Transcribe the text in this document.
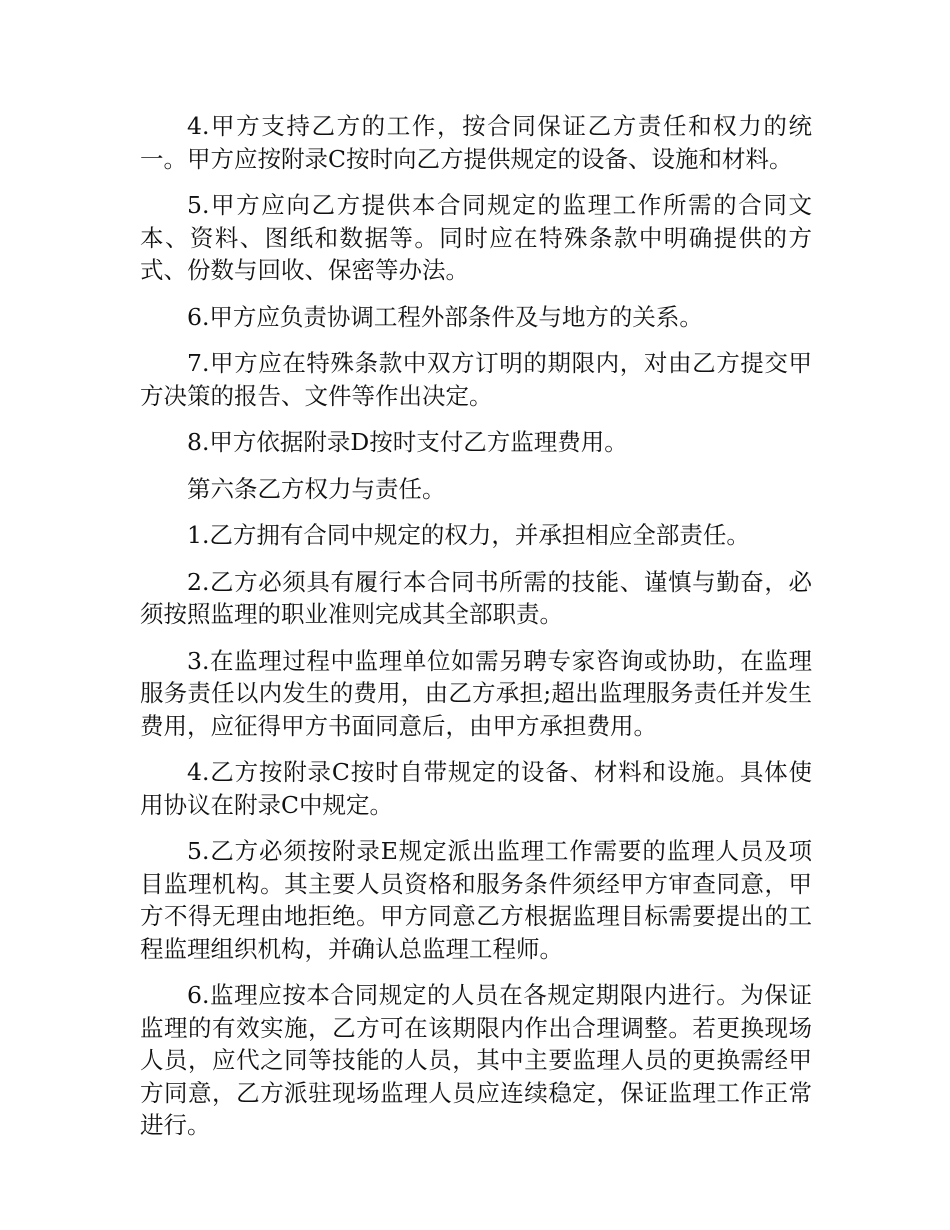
4.甲方支持乙方的工作，按合同保证乙方责任和权力的统一。甲方应按附录C按时向乙方提供规定的设备、设施和材料。

5.甲方应向乙方提供本合同规定的监理工作所需的合同文本、资料、图纸和数据等。同时应在特殊条款中明确提供的方式、份数与回收、保密等办法。

6.甲方应负责协调工程外部条件及与地方的关系。

7.甲方应在特殊条款中双方订明的期限内，对由乙方提交甲方决策的报告、文件等作出决定。

8.甲方依据附录D按时支付乙方监理费用。

第六条乙方权力与责任。

1.乙方拥有合同中规定的权力，并承担相应全部责任。

2.乙方必须具有履行本合同书所需的技能、谨慎与勤奋，必须按照监理的职业准则完成其全部职责。

3.在监理过程中监理单位如需另聘专家咨询或协助，在监理服务责任以内发生的费用，由乙方承担;超出监理服务责任并发生费用，应征得甲方书面同意后，由甲方承担费用。

4.乙方按附录C按时自带规定的设备、材料和设施。具体使用协议在附录C中规定。

5.乙方必须按附录E规定派出监理工作需要的监理人员及项目监理机构。其主要人员资格和服务条件须经甲方审查同意，甲方不得无理由地拒绝。甲方同意乙方根据监理目标需要提出的工程监理组织机构，并确认总监理工程师。

6.监理应按本合同规定的人员在各规定期限内进行。为保证监理的有效实施，乙方可在该期限内作出合理调整。若更换现场人员，应代之同等技能的人员，其中主要监理人员的更换需经甲方同意，乙方派驻现场监理人员应连续稳定，保证监理工作正常进行。
